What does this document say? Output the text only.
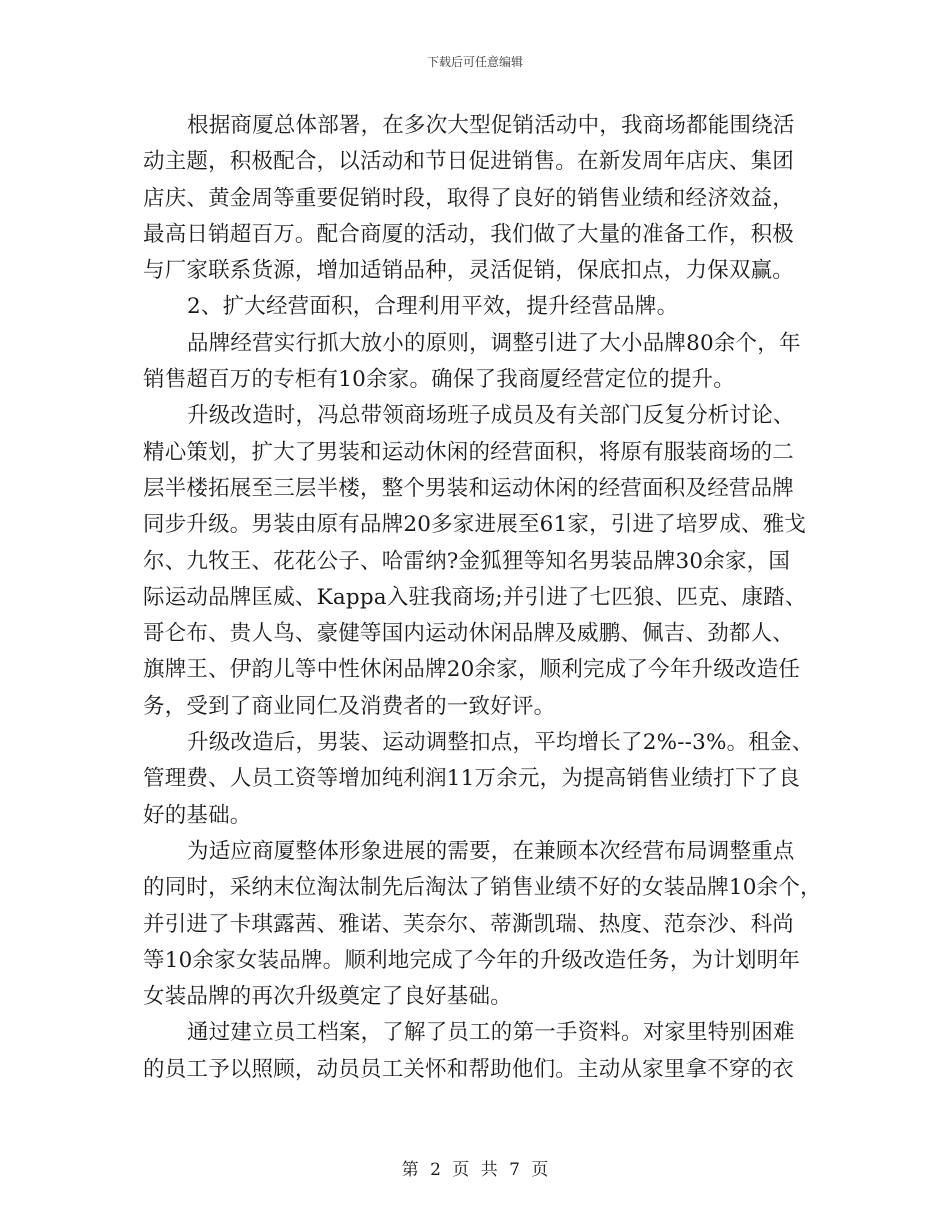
下载后可任意编辑
根据商厦总体部署，在多次大型促销活动中，我商场都能围绕活
动主题，积极配合，以活动和节日促进销售。在新发周年店庆、集团
店庆、黄金周等重要促销时段，取得了良好的销售业绩和经济效益，
最高日销超百万。配合商厦的活动，我们做了大量的准备工作，积极
与厂家联系货源，增加适销品种，灵活促销，保底扣点，力保双赢。
2、扩大经营面积，合理利用平效，提升经营品牌。
品牌经营实行抓大放小的原则，调整引进了大小品牌80余个，年
销售超百万的专柜有10余家。确保了我商厦经营定位的提升。
升级改造时，冯总带领商场班子成员及有关部门反复分析讨论、
精心策划，扩大了男装和运动休闲的经营面积，将原有服装商场的二
层半楼拓展至三层半楼，整个男装和运动休闲的经营面积及经营品牌
同步升级。男装由原有品牌20多家进展至61家，引进了培罗成、雅戈
尔、九牧王、花花公子、哈雷纳?金狐狸等知名男装品牌30余家，国
际运动品牌匡威、Kappa入驻我商场;并引进了七匹狼、匹克、康踏、
哥仑布、贵人鸟、豪健等国内运动休闲品牌及威鹏、佩吉、劲都人、
旗牌王、伊韵儿等中性休闲品牌20余家，顺利完成了今年升级改造任
务，受到了商业同仁及消费者的一致好评。
升级改造后，男装、运动调整扣点，平均增长了2%--3%。租金、
管理费、人员工资等增加纯利润11万余元，为提高销售业绩打下了良
好的基础。
为适应商厦整体形象进展的需要，在兼顾本次经营布局调整重点
的同时，采纳末位淘汰制先后淘汰了销售业绩不好的女装品牌10余个，
并引进了卡琪露茜、雅诺、芙奈尔、蒂澌凯瑞、热度、范奈沙、科尚
等10余家女装品牌。顺利地完成了今年的升级改造任务，为计划明年
女装品牌的再次升级奠定了良好基础。
通过建立员工档案，了解了员工的第一手资料。对家里特别困难
的员工予以照顾，动员员工关怀和帮助他们。主动从家里拿不穿的衣
第 2 页 共 7 页
